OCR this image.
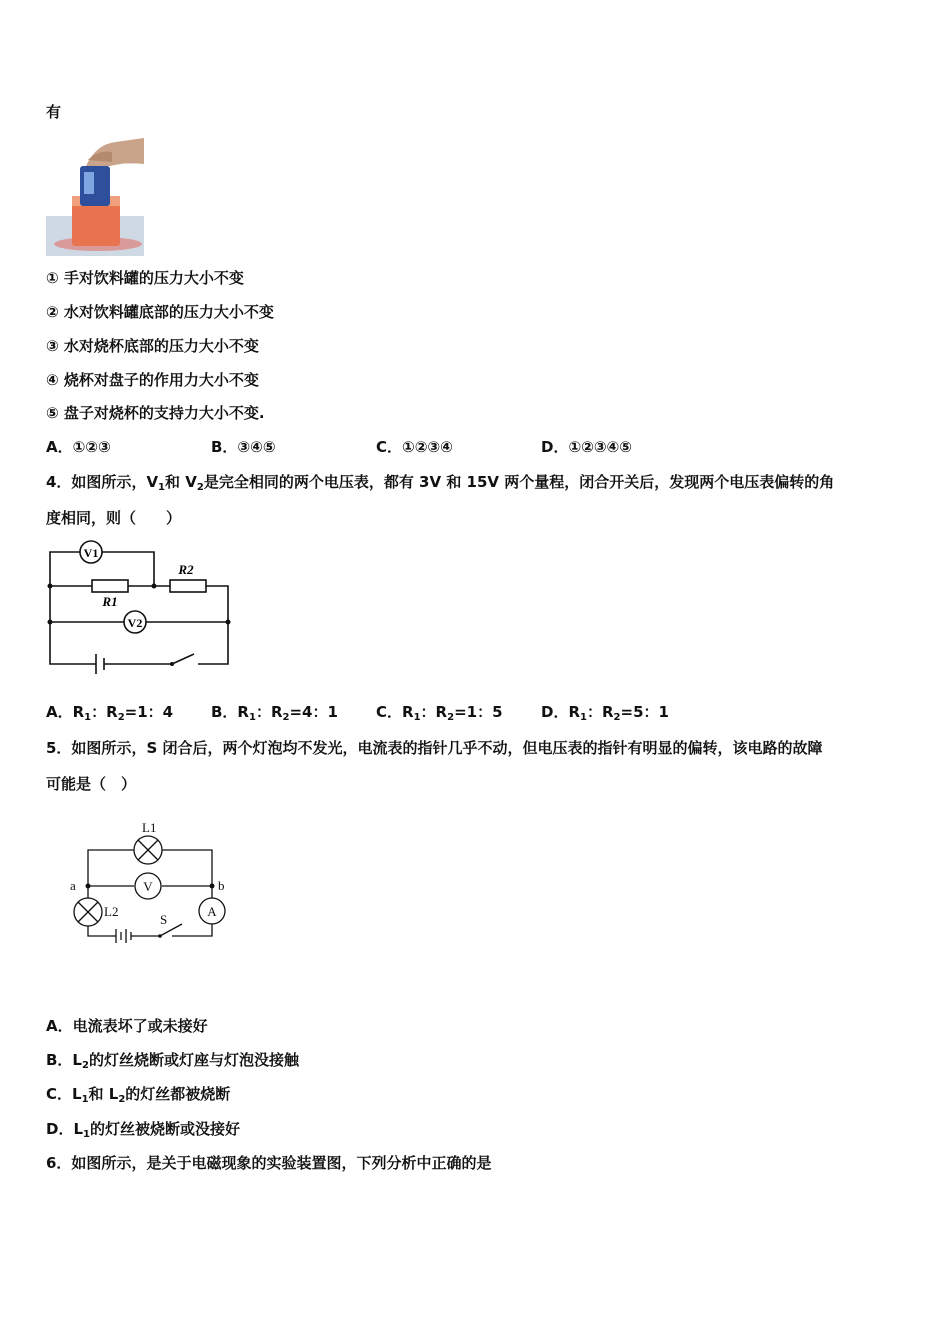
有
① 手对饮料罐的压力大小不变
② 水对饮料罐底部的压力大小不变
③ 水对烧杯底部的压力大小不变
④ 烧杯对盘子的作用力大小不变
⑤ 盘子对烧杯的支持力大小不变.
A．①②③	B．③④⑤	C．①②③④	D．①②③④⑤
4．如图所示，$V_1$和 $V_2$是完全相同的两个电压表，都有 3V 和 15V 两个量程，闭合开关后，发现两个电压表偏转的角
度相同，则（　　）
V1
V2
R1
R2
A．$R_1$：$R_2=1$：4	B．$R_1$：$R_2=4$：1	C．$R_1$：$R_2=1$：5	D．$R_1$：$R_2=5$：1
5．如图所示，S 闭合后，两个灯泡均不发光，电流表的指针几乎不动，但电压表的指针有明显的偏转，该电路的故障
可能是（　）
V
A
L1
L2
S
a	b
A．电流表坏了或未接好
B．$L_2$的灯丝烧断或灯座与灯泡没接触
C．$L_1$和 $L_2$的灯丝都被烧断
D．$L_1$的灯丝被烧断或没接好
6．如图所示，是关于电磁现象的实验装置图，下列分析中正确的是
